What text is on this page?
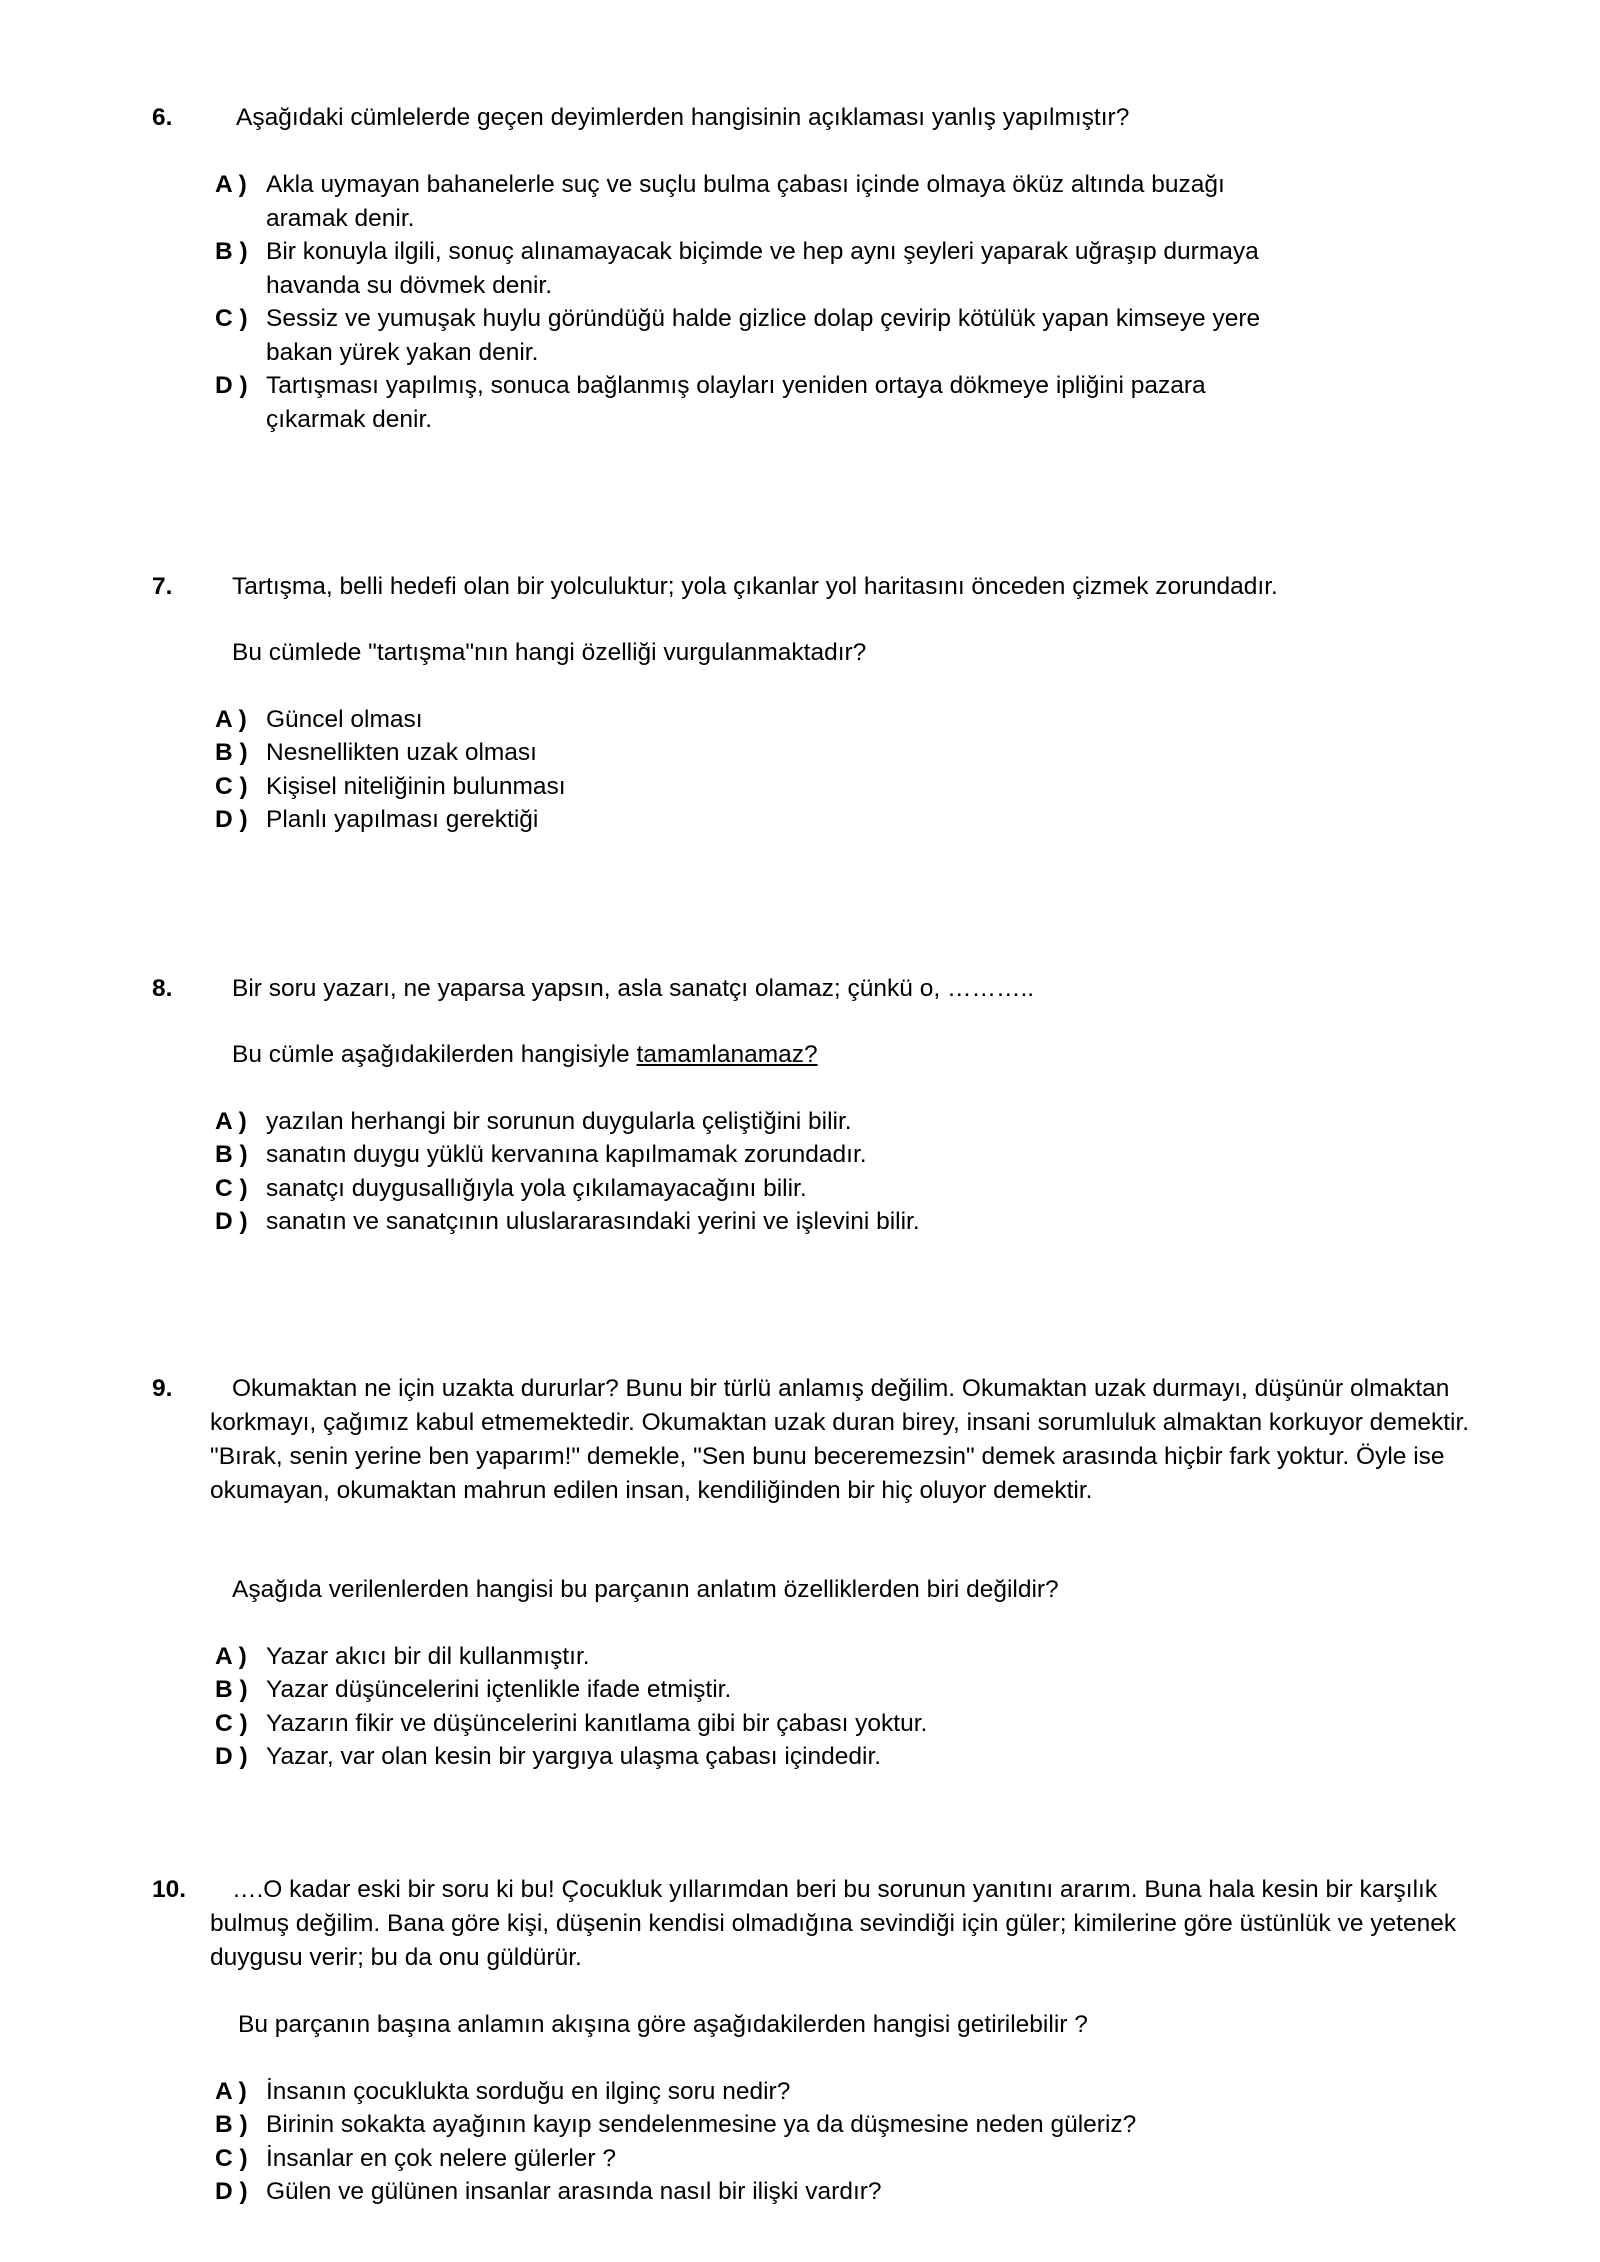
6.	Aşağıdaki cümlelerde geçen deyimlerden hangisinin açıklaması yanlış yapılmıştır?
A ) Akla uymayan bahanelerle suç ve suçlu bulma çabası içinde olmaya öküz altında buzağı aramak denir.
B ) Bir konuyla ilgili, sonuç alınamayacak biçimde ve hep aynı şeyleri yaparak uğraşıp durmaya havanda su dövmek denir.
C ) Sessiz ve yumuşak huylu göründüğü halde gizlice dolap çevirip kötülük yapan kimseye yere bakan yürek yakan denir.
D ) Tartışması yapılmış, sonuca bağlanmış olayları yeniden ortaya dökmeye ipliğini pazara çıkarmak denir.
7. Tartışma, belli hedefi olan bir yolculuktur; yola çıkanlar yol haritasını önceden çizmek zorundadır.
Bu cümlede "tartışma"nın hangi özelliği vurgulanmaktadır?
A ) Güncel olması
B ) Nesnellikten uzak olması
C ) Kişisel niteliğinin bulunması
D ) Planlı yapılması gerektiği
8. Bir soru yazarı, ne yaparsa yapsın, asla sanatçı olamaz; çünkü o, ………..
Bu cümle aşağıdakilerden hangisiyle tamamlanamaz?
A ) yazılan herhangi bir sorunun duygularla çeliştiğini bilir.
B ) sanatın duygu yüklü kervanına kapılmamak zorundadır.
C ) sanatçı duygusallığıyla yola çıkılamayacağını bilir.
D ) sanatın ve sanatçının uluslararasındaki yerini ve işlevini bilir.
9.	Okumaktan ne için uzakta dururlar? Bunu bir türlü anlamış değilim. Okumaktan uzak durmayı, düşünür olmaktan korkmayı, çağımız kabul etmemektedir. Okumaktan uzak duran birey, insani sorumluluk almaktan korkuyor demektir. "Bırak, senin yerine ben yaparım!" demekle, "Sen bunu beceremezsin" demek arasında hiçbir fark yoktur. Öyle ise okumayan, okumaktan mahrun edilen insan, kendiliğinden bir hiç oluyor demektir.
Aşağıda verilenlerden hangisi bu parçanın anlatım özelliklerden biri değildir?
A ) Yazar akıcı bir dil kullanmıştır.
B ) Yazar düşüncelerini içtenlikle ifade etmiştir.
C ) Yazarın fikir ve düşüncelerini kanıtlama gibi bir çabası yoktur.
D ) Yazar, var olan kesin bir yargıya ulaşma çabası içindedir.
10.	….O kadar eski bir soru ki bu! Çocukluk yıllarımdan beri bu sorunun yanıtını ararım. Buna hala kesin bir karşılık bulmuş değilim. Bana göre kişi, düşenin kendisi olmadığına sevindiği için güler; kimilerine göre üstünlük ve yetenek duygusu verir; bu da onu güldürür.
Bu parçanın başına anlamın akışına göre aşağıdakilerden hangisi getirilebilir ?
A ) İnsanın çocuklukta sorduğu en ilginç soru nedir?
B ) Birinin sokakta ayağının kayıp sendelenmesine ya da düşmesine neden güleriz?
C ) İnsanlar en çok nelere gülerler ?
D ) Gülen ve gülünen insanlar arasında nasıl bir ilişki vardır?
